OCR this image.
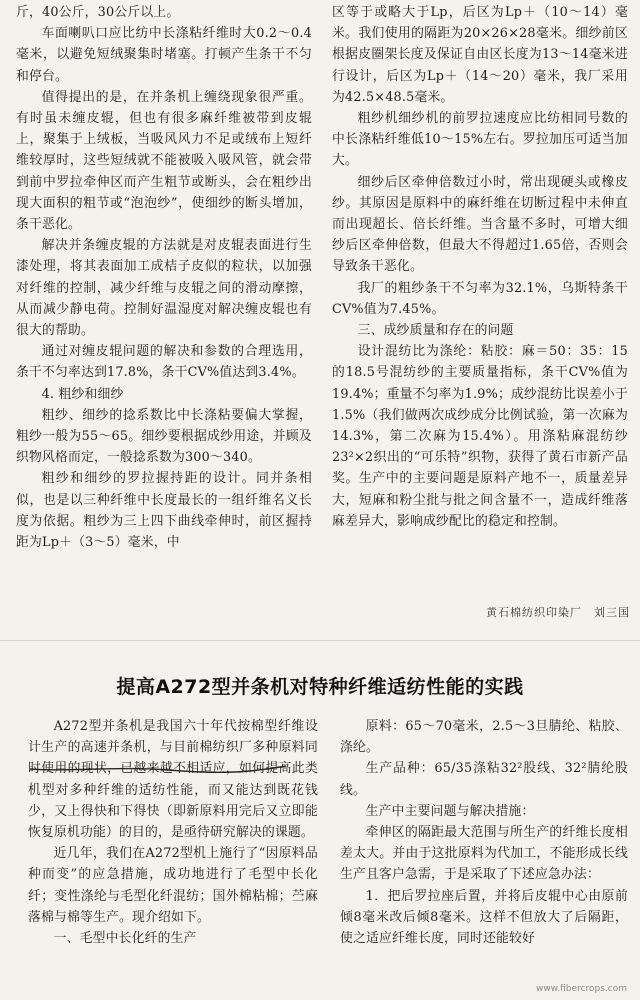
斤，40公斤，30公斤以上。

车面喇叭口应比纺中长涤粘纤维时大0.2～0.4毫米，以避免短绒聚集时堵塞。打顿产生条干不匀和停台。

值得提出的是，在并条机上缠绕现象很严重。有时虽未缠皮辊，但也有很多麻纤维被带到皮辊上，聚集于上绒板，当吸风风力不足或绒布上短纤维较厚时，这些短绒就不能被吸入吸风管，就会带到前中罗拉牵伸区而产生粗节或断头，会在粗纱出现大面积的粗节或“泡泡纱”，使细纱的断头增加，条干恶化。

解决并条缠皮辊的方法就是对皮辊表面进行生漆处理，将其表面加工成桔子皮似的粒状，以加强对纤维的控制，减少纤维与皮辊之间的滑动摩擦，从而减少静电荷。控制好温湿度对解决缠皮辊也有很大的帮助。

通过对缠皮辊问题的解决和参数的合理选用，条干不匀率达到17.8%，条干CV%值达到3.4%。

4. 粗纱和细纱

粗纱、细纱的捻系数比中长涤粘要偏大掌握，粗纱一般为55～65。细纱要根据成纱用途，并顾及织物风格而定，一般捻系数为300～340。

粗纱和细纱的罗拉握持距的设计。同并条相似，也是以三种纤维中长度最长的一组纤维名义长度为依据。粗纱为三上四下曲线牵伸时，前区握持距为Lp＋（3～5）毫米，中

区等于或略大于Lp，后区为Lp＋（10～14）毫米。我们使用的隔距为20×26×28毫米。细纱前区根据皮圈架长度及保证自由区长度为13～14毫米进行设计，后区为Lp＋（14～20）毫米，我厂采用为42.5×48.5毫米。

粗纱机细纱机的前罗拉速度应比纺相同号数的中长涤粘纤维低10～15%左右。罗拉加压可适当加大。

细纱后区牵伸倍数过小时，常出现硬头或橡皮纱。其原因是原料中的麻纤维在切断过程中未伸直而出现超长、倍长纤维。当含量不多时，可增大细纱后区牵伸倍数，但最大不得超过1.65倍，否则会导致条干恶化。

我厂的粗纱条干不匀率为32.1%，乌斯特条干CV%值为7.45%。

三、成纱质量和存在的问题

设计混纺比为涤纶：粘胶：麻＝50：35：15的18.5号混纺纱的主要质量指标，条干CV%值为19.4%；重量不匀率为1.9%；成纱混纺比误差小于1.5%（我们做两次成纱成分比例试验，第一次麻为14.3%，第二次麻为15.4%）。用涤粘麻混纺纱23²×2织出的“可乐特”织物，获得了黄石市新产品奖。生产中的主要问题是原料产地不一，质量差异大，短麻和粉尘批与批之间含量不一，造成纤维落麻差异大，影响成纱配比的稳定和控制。

黄石棉纺织印染厂　刘三国
提高A272型并条机对特种纤维适纺性能的实践

A272型并条机是我国六十年代按棉型纤维设计生产的高速并条机，与目前棉纺织厂多种原料同时使用的现状，已越来越不相适应，如何提高此类机型对多种纤维的适纺性能，而又能达到既花钱少，又上得快和下得快（即新原料用完后又立即能恢复原机功能）的目的，是亟待研究解决的课题。

近几年，我们在A272型机上施行了“因原料品种而变”的应急措施，成功地进行了毛型中长化纤；变性涤纶与毛型化纤混纺；国外棉粘棉；苎麻落棉与棉等生产。现介绍如下。

一、毛型中长化纤的生产

原料：65～70毫米，2.5～3旦腈纶、粘胶、涤纶。

生产品种：65/35涤粘32²股线、32²腈纶股线。

生产中主要问题与解决措施：

牵伸区的隔距最大范围与所生产的纤维长度相差太大。并由于这批原料为代加工，不能形成长线生产且客户急需，于是采取了下述应急办法：

1．把后罗拉座后置，并将后皮辊中心由原前倾8毫米改后倾8毫米。这样不但放大了后隔距，使之适应纤维长度，同时还能较好

www.fibercrops.com
